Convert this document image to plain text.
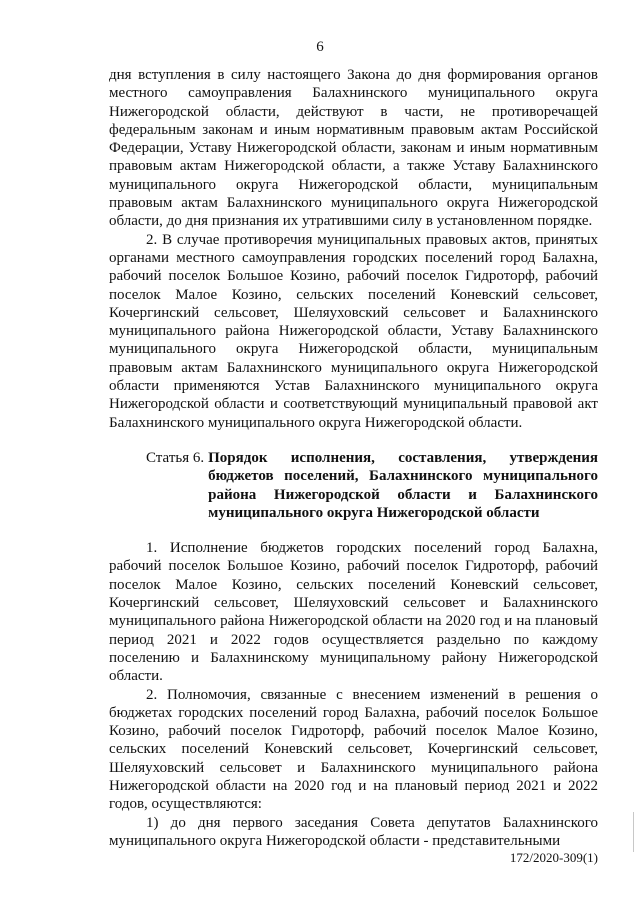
6

дня вступления в силу настоящего Закона до дня формирования органов местного самоуправления Балахнинского муниципального округа Нижегородской области, действуют в части, не противоречащей федеральным законам и иным нормативным правовым актам Российской Федерации, Уставу Нижегородской области, законам и иным нормативным правовым актам Нижегородской области, а также Уставу Балахнинского муниципального округа Нижегородской области, муниципальным правовым актам Балахнинского муниципального округа Нижегородской области, до дня признания их утратившими силу в установленном порядке.

2. В случае противоречия муниципальных правовых актов, принятых органами местного самоуправления городских поселений город Балахна, рабочий поселок Большое Козино, рабочий поселок Гидроторф, рабочий поселок Малое Козино, сельских поселений Коневский сельсовет, Кочергинский сельсовет, Шеляуховский сельсовет и Балахнинского муниципального района Нижегородской области, Уставу Балахнинского муниципального округа Нижегородской области, муниципальным правовым актам Балахнинского муниципального округа Нижегородской области применяются Устав Балахнинского муниципального округа Нижегородской области и соответствующий муниципальный правовой акт Балахнинского муниципального округа Нижегородской области.

Статья 6. Порядок исполнения, составления, утверждения бюджетов поселений, Балахнинского муниципального района Нижегородской области и Балахнинского муниципального округа Нижегородской области

1. Исполнение бюджетов городских поселений город Балахна, рабочий поселок Большое Козино, рабочий поселок Гидроторф, рабочий поселок Малое Козино, сельских поселений Коневский сельсовет, Кочергинский сельсовет, Шеляуховский сельсовет и Балахнинского муниципального района Нижегородской области на 2020 год и на плановый период 2021 и 2022 годов осуществляется раздельно по каждому поселению и Балахнинскому муниципальному району Нижегородской области.

2. Полномочия, связанные с внесением изменений в решения о бюджетах городских поселений город Балахна, рабочий поселок Большое Козино, рабочий поселок Гидроторф, рабочий поселок Малое Козино, сельских поселений Коневский сельсовет, Кочергинский сельсовет, Шеляуховский сельсовет и Балахнинского муниципального района Нижегородской области на 2020 год и на плановый период 2021 и 2022 годов, осуществляются:

1) до дня первого заседания Совета депутатов Балахнинского муниципального округа Нижегородской области - представительными

172/2020-309(1)
